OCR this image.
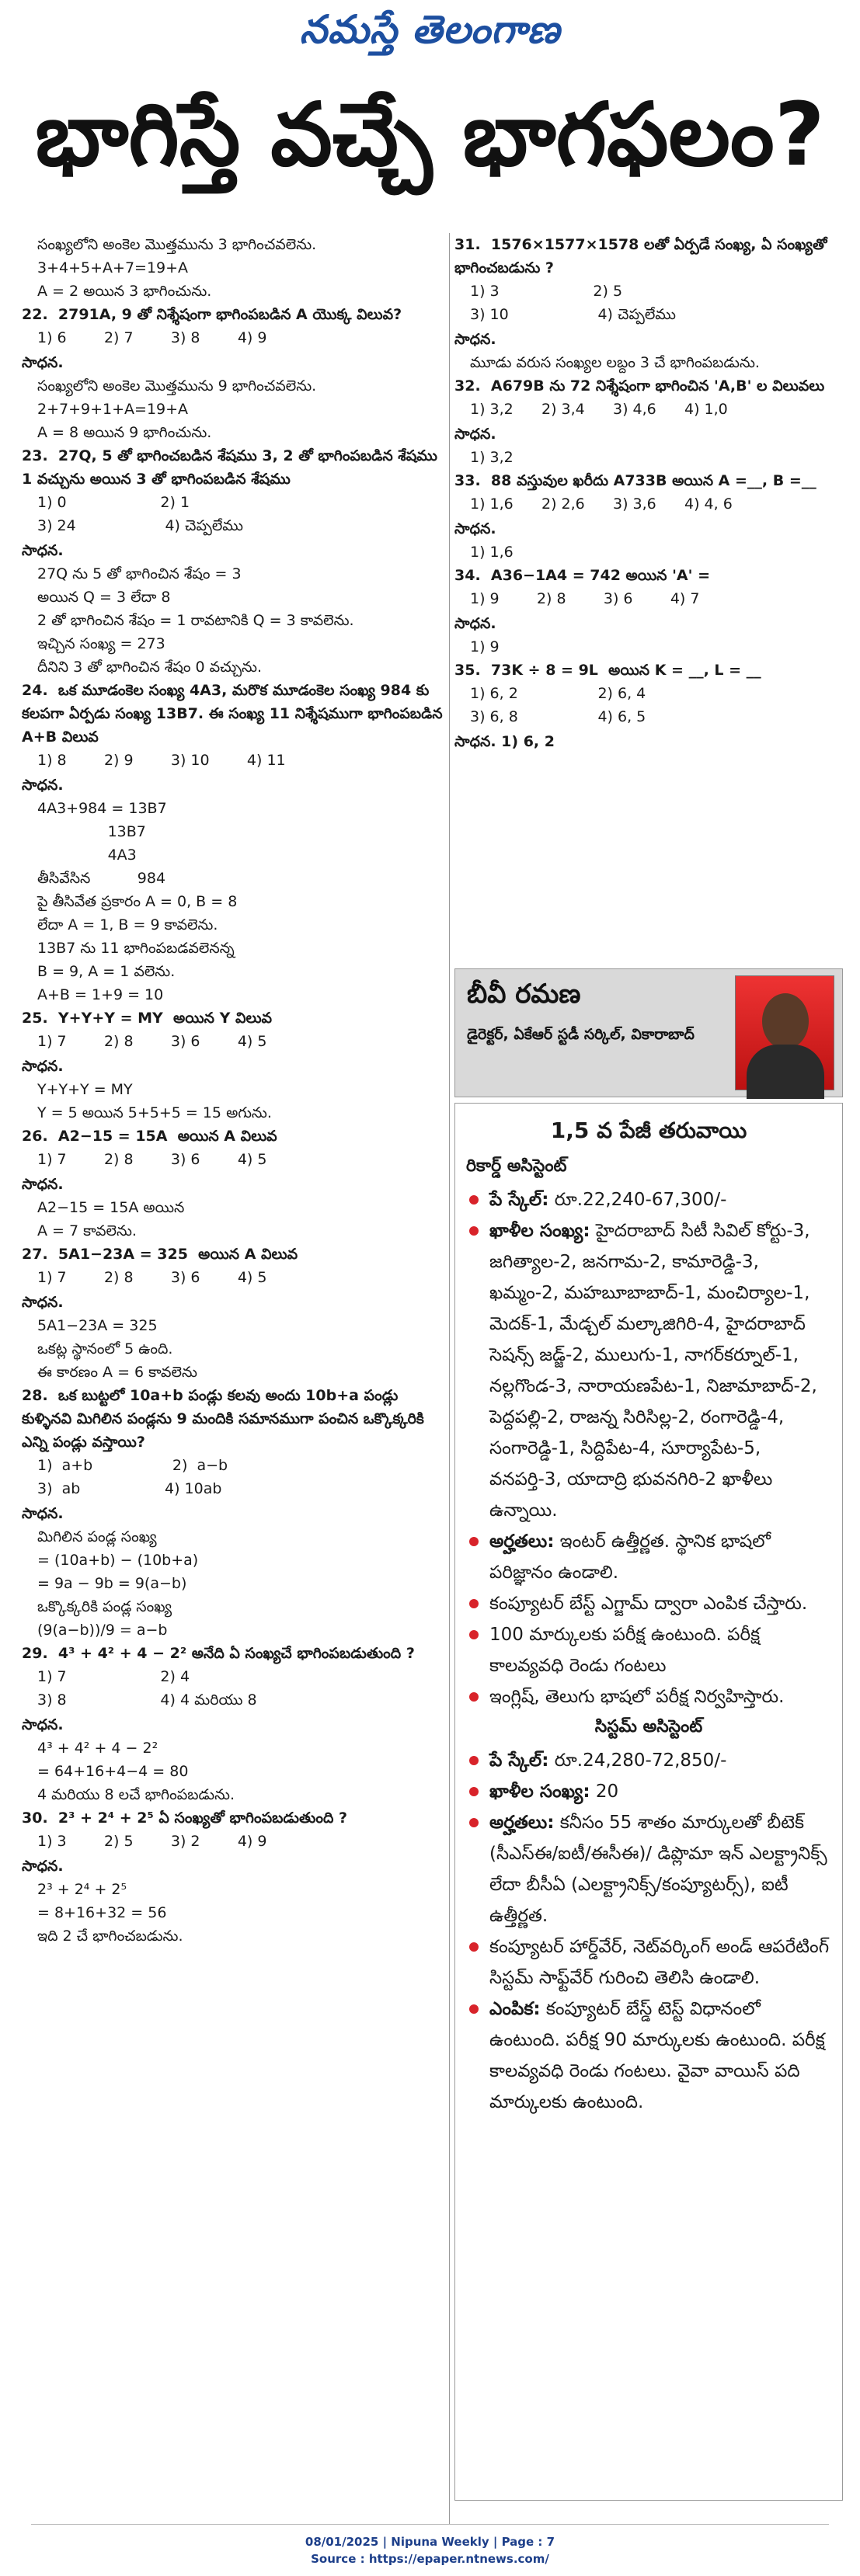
నమస్తే తెలంగాణ
భాగిస్తే వచ్చే భాగఫలం?
సంఖ్యలోని అంకెల మొత్తమును 3 భాగించవలెను.
3+4+5+A+7=19+A
A = 2 అయిన 3 భాగించును.
22.  2791A, 9 తో నిశ్శేషంగా భాగింపబడిన A యొక్క విలువ?
1) 6        2) 7        3) 8        4) 9
సాధన.
సంఖ్యలోని అంకెల మొత్తమును 9 భాగించవలెను.
2+7+9+1+A=19+A
A = 8 అయిన 9 భాగించును.
23.  27Q, 5 తో భాగించబడిన శేషము 3, 2 తో భాగింపబడిన శేషము 1 వచ్చును అయిన 3 తో భాగింపబడిన శేషము
1) 0                    2) 1
3) 24                   4) చెప్పలేము
సాధన.
27Q ను 5 తో భాగించిన శేషం = 3
అయిన Q = 3 లేదా 8
2 తో భాగించిన శేషం = 1 రావటానికి Q = 3 కావలెను.
ఇచ్చిన సంఖ్య = 273
దీనిని 3 తో భాగించిన శేషం 0 వచ్చును.
24.  ఒక మూడంకెల సంఖ్య 4A3, మరొక మూడంకెల సంఖ్య 984 కు కలపగా ఏర్పడు సంఖ్య 13B7. ఈ సంఖ్య 11 నిశ్శేషముగా భాగింపబడిన A+B విలువ
1) 8        2) 9        3) 10        4) 11
సాధన.
4A3+984 = 13B7
13B7
4A3
తీసివేసిన          984
పై తీసివేత ప్రకారం A = 0, B = 8
లేదా A = 1, B = 9 కావలెను.
13B7 ను 11 భాగింపబడవలెనన్న
B = 9, A = 1 వలెను.
A+B = 1+9 = 10
25.  Y+Y+Y = MY  అయిన Y విలువ
1) 7        2) 8        3) 6        4) 5
సాధన.
Y+Y+Y = MY
Y = 5 అయిన 5+5+5 = 15 అగును.
26.  A2−15 = 15A  అయిన A విలువ
1) 7        2) 8        3) 6        4) 5
సాధన.
A2−15 = 15A అయిన
A = 7 కావలెను.
27.  5A1−23A = 325  అయిన A విలువ
1) 7        2) 8        3) 6        4) 5
సాధన.
5A1−23A = 325
ఒకట్ల స్థానంలో 5 ఉంది.
ఈ కారణం A = 6 కావలెను
28.  ఒక బుట్టలో 10a+b పండ్లు కలవు అందు 10b+a పండ్లు కుళ్ళినవి మిగిలిన పండ్లను 9 మందికి సమానముగా పంచిన ఒక్కొక్కరికి ఎన్ని పండ్లు వస్తాయి?
1)  a+b                 2)  a−b
3)  ab                  4) 10ab
సాధన.
మిగిలిన పండ్ల సంఖ్య
= (10a+b) − (10b+a)
= 9a − 9b = 9(a−b)
ఒక్కొక్కరికి పండ్ల సంఖ్య
(9(a−b))/9 = a−b
29.  4³ + 4² + 4 − 2² అనేది ఏ సంఖ్యచే భాగింపబడుతుంది ?
1) 7                    2) 4
3) 8                    4) 4 మరియు 8
సాధన.
4³ + 4² + 4 − 2²
= 64+16+4−4 = 80
4 మరియు 8 లచే భాగింపబడును.
30.  2³ + 2⁴ + 2⁵ ఏ సంఖ్యతో భాగింపబడుతుంది ?
1) 3        2) 5        3) 2        4) 9
సాధన.
2³ + 2⁴ + 2⁵
= 8+16+32 = 56
ఇది 2 చే భాగించబడును.
31.  1576×1577×1578 లతో ఏర్పడే సంఖ్య, ఏ సంఖ్యతో భాగించబడును ?
1) 3                    2) 5
3) 10                   4) చెప్పలేము
సాధన.
మూడు వరుస సంఖ్యల లబ్దం 3 చే భాగింపబడును.
32.  A679B ను 72 నిశ్శేషంగా భాగించిన 'A,B' ల విలువలు
1) 3,2      2) 3,4      3) 4,6      4) 1,0
సాధన.
1) 3,2
33.  88 వస్తువుల ఖరీదు A733B అయిన A =__, B =__
1) 1,6      2) 2,6      3) 3,6      4) 4, 6
సాధన.
1) 1,6
34.  A36−1A4 = 742 అయిన 'A' =
1) 9        2) 8        3) 6        4) 7
సాధన.
1) 9
35.  73K ÷ 8 = 9L  అయిన K = __, L = __
1) 6, 2                 2) 6, 4
3) 6, 8                 4) 6, 5
సాధన. 1) 6, 2
బీవీ రమణ
డైరెక్టర్, ఏకేఆర్ స్టడీ సర్కిల్, వికారాబాద్
1,5 వ పేజీ తరువాయి
రికార్డ్ అసిస్టెంట్
పే స్కేల్: రూ.22,240-67,300/-
ఖాళీల సంఖ్య: హైదరాబాద్ సిటీ సివిల్ కోర్టు-3, జగిత్యాల-2, జనగామ-2, కామారెడ్డి-3, ఖమ్మం-2, మహబూబాబాద్-1, మంచిర్యాల-1, మెదక్-1, మేడ్చల్ మల్కాజిగిరి-4, హైదరాబాద్ సెషన్స్ జడ్జ్-2, ములుగు-1, నాగర్‌కర్నూల్-1, నల్లగొండ-3, నారాయణపేట-1, నిజామాబాద్-2, పెద్దపల్లి-2, రాజన్న సిరిసిల్ల-2, రంగారెడ్డి-4, సంగారెడ్డి-1, సిద్దిపేట-4, సూర్యాపేట-5, వనపర్తి-3, యాదాద్రి భువనగిరి-2 ఖాళీలు ఉన్నాయి.
అర్హతలు: ఇంటర్ ఉత్తీర్ణత. స్థానిక భాషలో పరిజ్ఞానం ఉండాలి.
కంప్యూటర్ బేస్ట్ ఎగ్జామ్ ద్వారా ఎంపిక చేస్తారు.
100 మార్కులకు పరీక్ష ఉంటుంది. పరీక్ష కాలవ్యవధి రెండు గంటలు
ఇంగ్లిష్, తెలుగు భాషలో పరీక్ష నిర్వహిస్తారు.
సిస్టమ్ అసిస్టెంట్
పే స్కేల్: రూ.24,280-72,850/-
ఖాళీల సంఖ్య: 20
అర్హతలు: కనీసం 55 శాతం మార్కులతో బీటెక్ (సీఎస్ఈ/ఐటీ/ఈసీఈ)/ డిప్లొమా ఇన్ ఎలక్ట్రానిక్స్ లేదా బీసీఏ (ఎలక్ట్రానిక్స్/కంప్యూటర్స్), ఐటీ ఉత్తీర్ణత.
కంప్యూటర్ హార్డ్‌వేర్, నెట్‌వర్కింగ్ అండ్ ఆపరేటింగ్ సిస్టమ్ సాఫ్ట్‌వేర్ గురించి తెలిసి ఉండాలి.
ఎంపిక: కంప్యూటర్ బేస్డ్ టెస్ట్ విధానంలో ఉంటుంది. పరీక్ష 90 మార్కులకు ఉంటుంది. పరీక్ష కాలవ్యవధి రెండు గంటలు. వైవా వాయిస్ పది మార్కులకు ఉంటుంది.
08/01/2025 | Nipuna Weekly | Page : 7
Source : https://epaper.ntnews.com/
